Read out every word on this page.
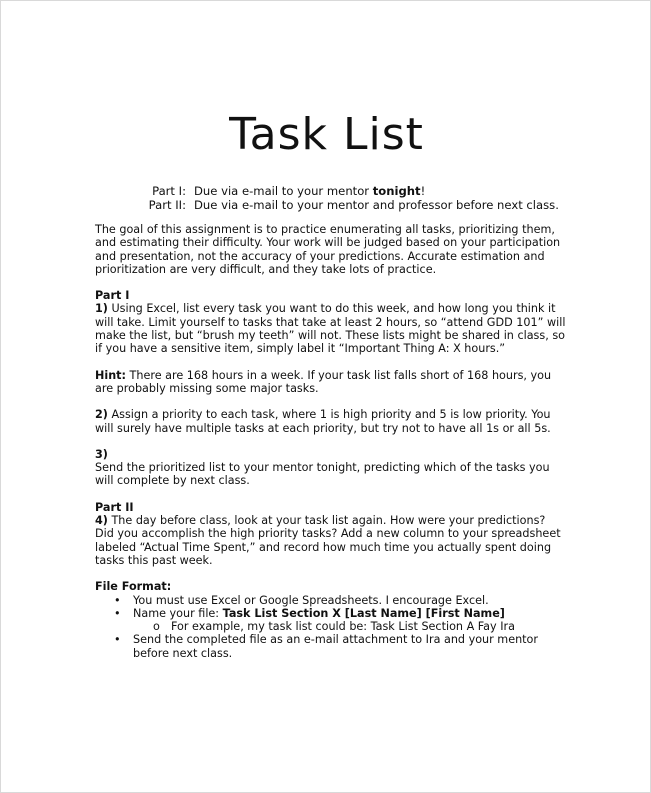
Task List
Part I: Due via e-mail to your mentor tonight!
Part II: Due via e-mail to your mentor and professor before next class.

The goal of this assignment is to practice enumerating all tasks, prioritizing them,
and estimating their difficulty. Your work will be judged based on your participation
and presentation, not the accuracy of your predictions. Accurate estimation and
prioritization are very difficult, and they take lots of practice.

Part I

1) Using Excel, list every task you want to do this week, and how long you think it
will take. Limit yourself to tasks that take at least 2 hours, so “attend GDD 101” will
make the list, but “brush my teeth” will not. These lists might be shared in class, so
if you have a sensitive item, simply label it “Important Thing A: X hours.”

Hint: There are 168 hours in a week. If your task list falls short of 168 hours, you
are probably missing some major tasks.

2) Assign a priority to each task, where 1 is high priority and 5 is low priority. You
will surely have multiple tasks at each priority, but try not to have all 1s or all 5s.

3) Send the prioritized list to your mentor tonight, predicting which of the tasks you
will complete by next class.

Part II

4) The day before class, look at your task list again. How were your predictions?
Did you accomplish the high priority tasks? Add a new column to your spreadsheet
labeled “Actual Time Spent,” and record how much time you actually spent doing
tasks this past week.

File Format:

• You must use Excel or Google Spreadsheets. I encourage Excel.
• Name your file: Task List Section X [Last Name] [First Name]
o For example, my task list could be: Task List Section A Fay Ira
• Send the completed file as an e-mail attachment to Ira and your mentor
before next class.
